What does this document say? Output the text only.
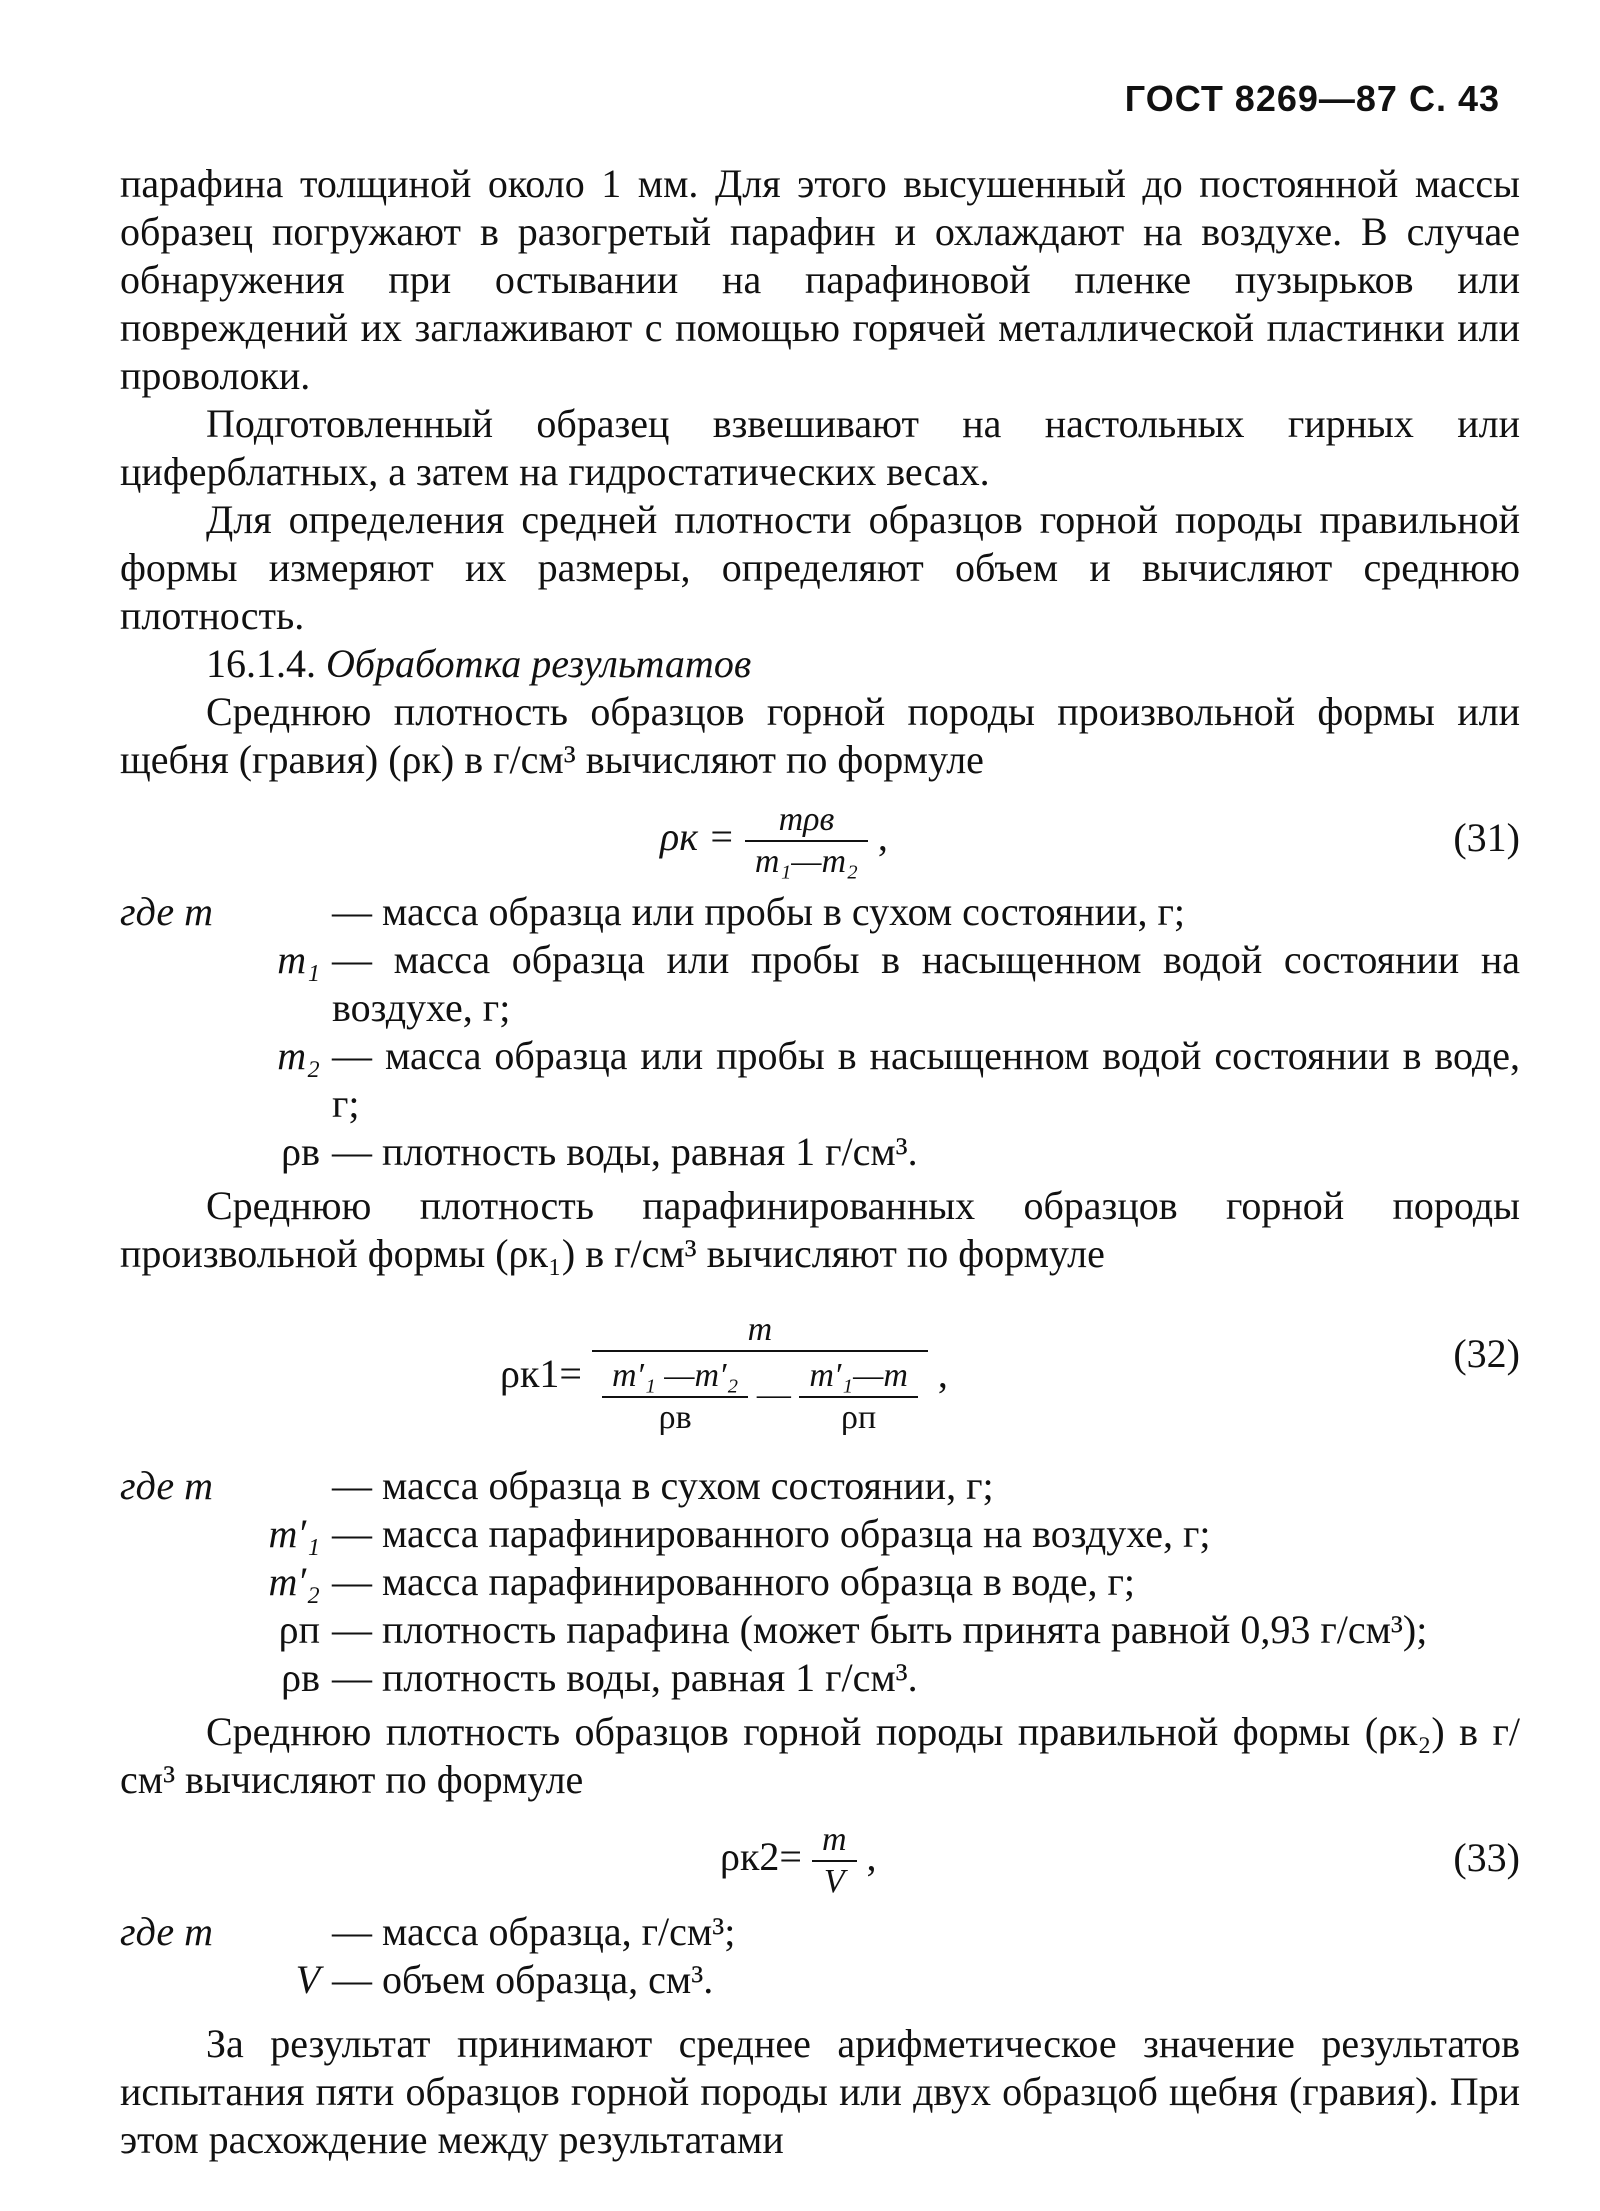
ГОСТ 8269—87 С. 43

парафина толщиной около 1 мм. Для этого высушенный до постоянной массы образец погружают в разогретый парафин и охлаждают на воздухе. В случае обнаружения при остывании на парафиновой пленке пузырьков или повреждений их заглаживают с помощью горячей металлической пластинки или проволоки.

Подготовленный образец взвешивают на настольных гирных или циферблатных, а затем на гидростатических весах.

Для определения средней плотности образцов горной породы правильной формы измеряют их размеры, определяют объем и вычисляют среднюю плотность.

16.1.4. Обработка результатов

Среднюю плотность образцов горной породы произвольной формы или щебня (гравия) (ρк) в г/см³ вычисляют по формуле

$\rho к = \frac{\text{mρв}}{\text{m₁—m₂}}$ ,	(31)
где m	— масса образца или пробы в сухом состоянии, г;
m₁ — масса образца или пробы в насыщенном водой состоянии на воздухе, г;
m₂ — масса образца или пробы в насыщенном водой состоянии в воде, г;
ρв — плотность воды, равная 1 г/см³.

Среднюю плотность парафинированных образцов горной породы произвольной формы (ρк₁) в г/см³ вычисляют по формуле

ρк1=
m
$\frac{\text{m′₁ —m′₂}}{\rho в}$ — $\frac{\text{m′₁—m}}{\rho п}$ ,	(32)
где m	— масса образца в сухом состоянии, г;
m′₁ — масса парафинированного образца на воздухе, г;
m′₂ — масса парафинированного образца в воде, г;
ρп — плотность парафина (может быть принята равной 0,93 г/см³);
ρв — плотность воды, равная 1 г/см³.

Среднюю плотность образцов горной породы правильной формы (ρк₂) в г/см³ вычисляют по формуле

$\rho к2= \frac{m}{V}$ ,	(33)
где m	— масса образца, г/см³;
V — объем образца, см³.

За результат принимают среднее арифметическое значение результатов испытания пяти образцов горной породы или двух образцоб щебня (гравия). При этом расхождение между результатами
